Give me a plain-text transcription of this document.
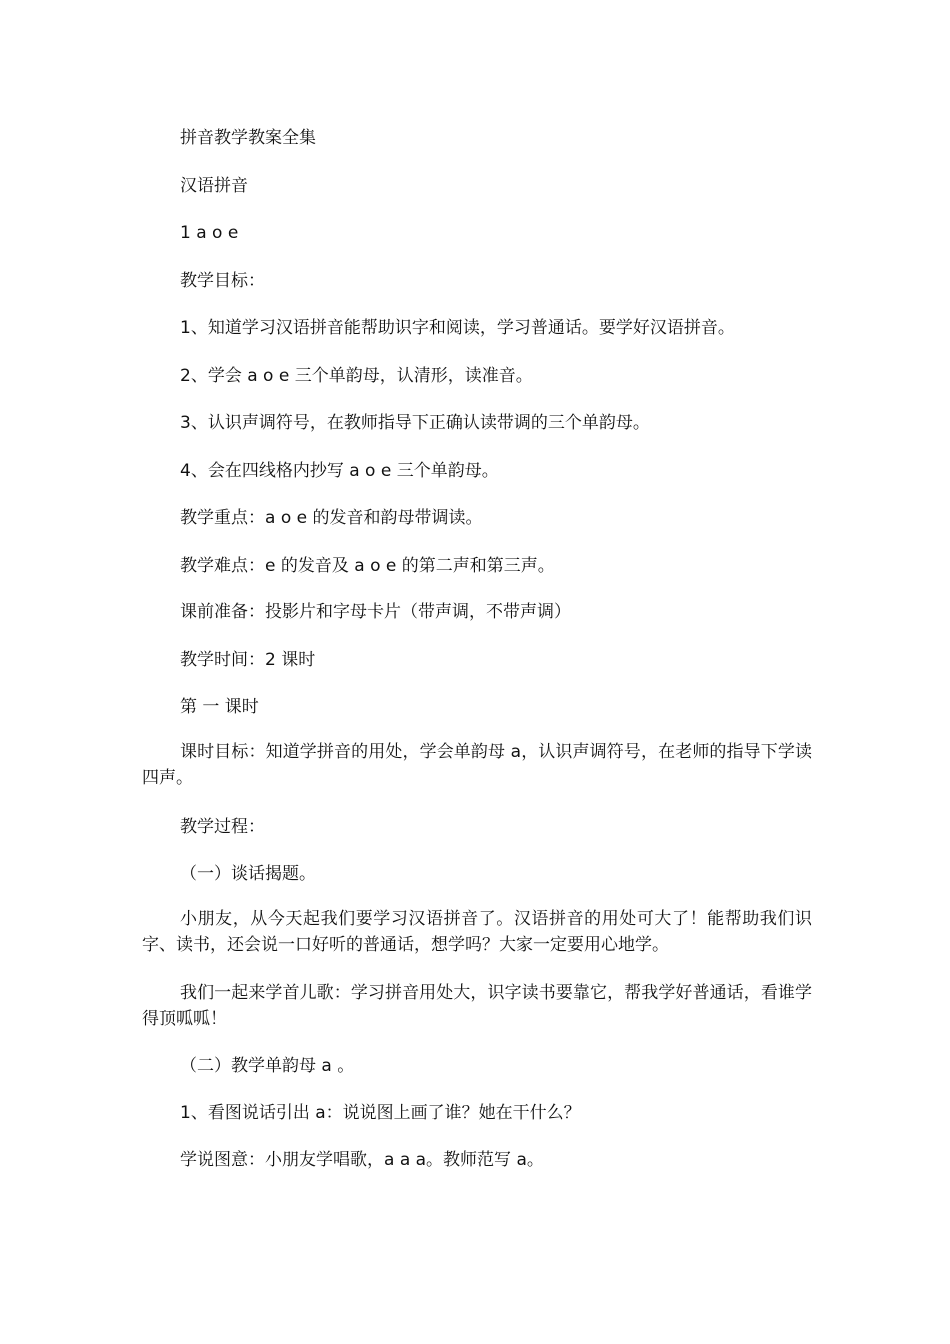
拼音教学教案全集
汉语拼音
1 a o e
教学目标：
1、知道学习汉语拼音能帮助识字和阅读，学习普通话。要学好汉语拼音。
2、学会 a o e 三个单韵母，认清形，读准音。
3、认识声调符号，在教师指导下正确认读带调的三个单韵母。
4、会在四线格内抄写 a o e 三个单韵母。
教学重点：a o e 的发音和韵母带调读。
教学难点：e 的发音及 a o e 的第二声和第三声。
课前准备：投影片和字母卡片（带声调，不带声调）
教学时间：2 课时
第 一 课时
课时目标：知道学拼音的用处，学会单韵母 a，认识声调符号，在老师的指导下学读四声。
教学过程：
（一）谈话揭题。
小朋友，从今天起我们要学习汉语拼音了。汉语拼音的用处可大了！能帮助我们识字、读书，还会说一口好听的普通话，想学吗？大家一定要用心地学。
我们一起来学首儿歌：学习拼音用处大，识字读书要靠它，帮我学好普通话，看谁学得顶呱呱！
（二）教学单韵母 a 。
1、看图说话引出 a：说说图上画了谁？她在干什么？
学说图意：小朋友学唱歌，a a a。教师范写 a。
